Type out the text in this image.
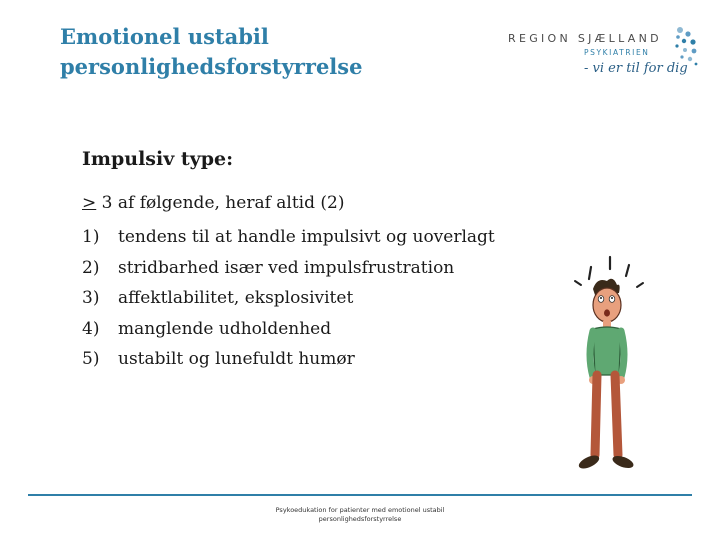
Emotionel ustabil
personlighedsforstyrrelse
REGION SJÆLLAND
PSYKIATRIEN
- vi er til for dig
Impulsiv type:
≥ 3 af følgende, heraf altid (2)
1) tendens til at handle impulsivt og uoverlagt
2) stridbarhed især ved impulsfrustration
3) affektlabilitet, eksplosivitet
4) manglende udholdenhed
5) ustabilt og lunefuldt humør
Psykoedukation for patienter med emotionel ustabil
personlighedsforstyrrelse
